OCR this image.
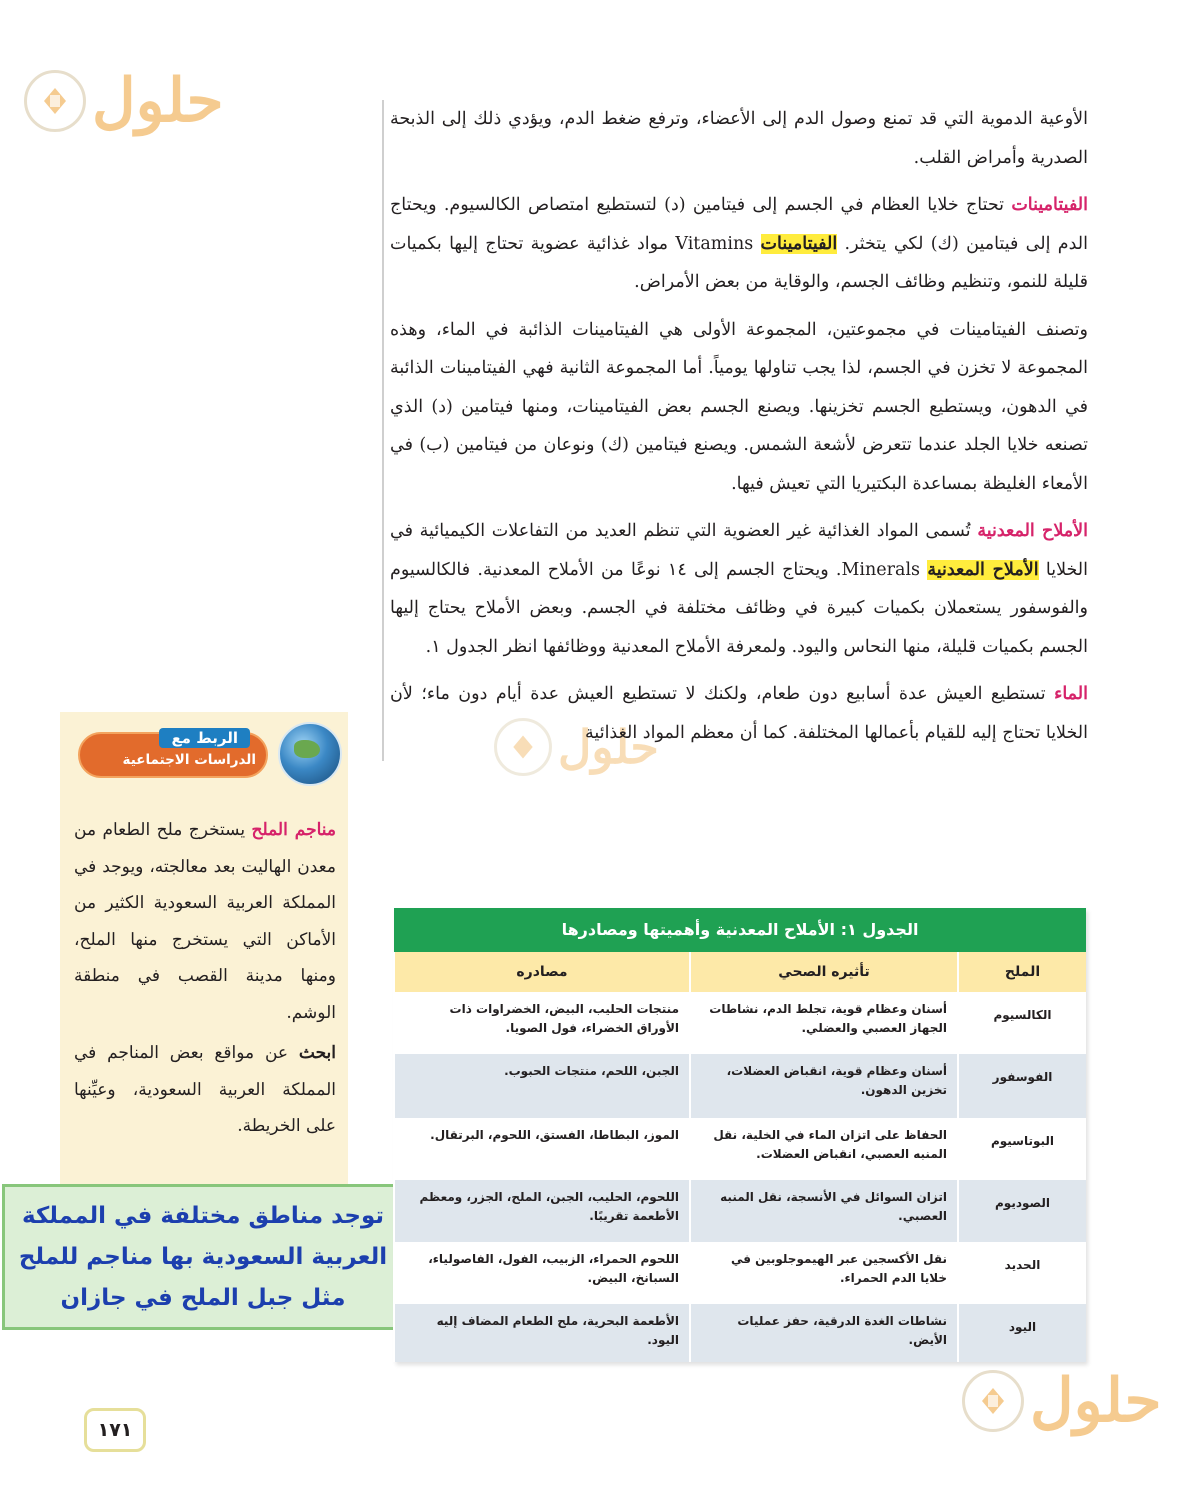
حلول
حلول
حلول

الأوعية الدموية التي قد تمنع وصول الدم إلى الأعضاء، وترفع ضغط الدم، ويؤدي ذلك إلى الذبحة الصدرية وأمراض القلب.

الفيتامينات تحتاج خلايا العظام في الجسم إلى فيتامين (د) لتستطيع امتصاص الكالسيوم. ويحتاج الدم إلى فيتامين (ك) لكي يتخثر. الفيتامينات Vitamins مواد غذائية عضوية تحتاج إليها بكميات قليلة للنمو، وتنظيم وظائف الجسم، والوقاية من بعض الأمراض.

وتصنف الفيتامينات في مجموعتين، المجموعة الأولى هي الفيتامينات الذائبة في الماء، وهذه المجموعة لا تخزن في الجسم، لذا يجب تناولها يومياً. أما المجموعة الثانية فهي الفيتامينات الذائبة في الدهون، ويستطيع الجسم تخزينها. ويصنع الجسم بعض الفيتامينات، ومنها فيتامين (د) الذي تصنعه خلايا الجلد عندما تتعرض لأشعة الشمس. ويصنع فيتامين (ك) ونوعان من فيتامين (ب) في الأمعاء الغليظة بمساعدة البكتيريا التي تعيش فيها.

الأملاح المعدنية تُسمى المواد الغذائية غير العضوية التي تنظم العديد من التفاعلات الكيميائية في الخلايا الأملاح المعدنية Minerals. ويحتاج الجسم إلى ١٤ نوعًا من الأملاح المعدنية. فالكالسيوم والفوسفور يستعملان بكميات كبيرة في وظائف مختلفة في الجسم. وبعض الأملاح يحتاج إليها الجسم بكميات قليلة، منها النحاس واليود. ولمعرفة الأملاح المعدنية ووظائفها انظر الجدول ١.

الماء تستطيع العيش عدة أسابيع دون طعام، ولكنك لا تستطيع العيش عدة أيام دون ماء؛ لأن الخلايا تحتاج إليه للقيام بأعمالها المختلفة. كما أن معظم المواد الغذائية

الربط مع
الدراسات الاجتماعية

مناجم الملح يستخرج ملح الطعام من معدن الهاليت بعد معالجته، ويوجد في المملكة العربية السعودية الكثير من الأماكن التي يستخرج منها الملح، ومنها مدينة القصب في منطقة الوشم.

ابحث عن مواقع بعض المناجم في المملكة العربية السعودية، وعيِّنها على الخريطة.

توجد مناطق مختلفة في المملكة العربية السعودية بها مناجم للملح مثل جبل الملح في جازان

الجدول ١: الأملاح المعدنية وأهميتها ومصادرها
الملح	تأثيره الصحي	مصادره
الكالسيوم	أسنان وعظام قوية، تجلط الدم، نشاطات الجهاز العصبي والعضلي.	منتجات الحليب، البيض، الخضراوات ذات الأوراق الخضراء، فول الصويا.
الفوسفور	أسنان وعظام قوية، انقباض العضلات، تخزين الدهون.	الجبن، اللحم، منتجات الحبوب.
البوتاسيوم	الحفاظ على اتزان الماء في الخلية، نقل المنبه العصبي، انقباض العضلات.	الموز، البطاطا، الفستق، اللحوم، البرتقال.
الصوديوم	اتزان السوائل في الأنسجة، نقل المنبه العصبي.	اللحوم، الحليب، الجبن، الملح، الجزر، ومعظم الأطعمة تقريبًا.
الحديد	نقل الأكسجين عبر الهيموجلوبين في خلايا الدم الحمراء.	اللحوم الحمراء، الزبيب، الفول، الفاصولياء، السبانخ، البيض.
اليود	نشاطات الغدة الدرقية، حفز عمليات الأيض.	الأطعمة البحرية، ملح الطعام المضاف إليه اليود.
١٧١
